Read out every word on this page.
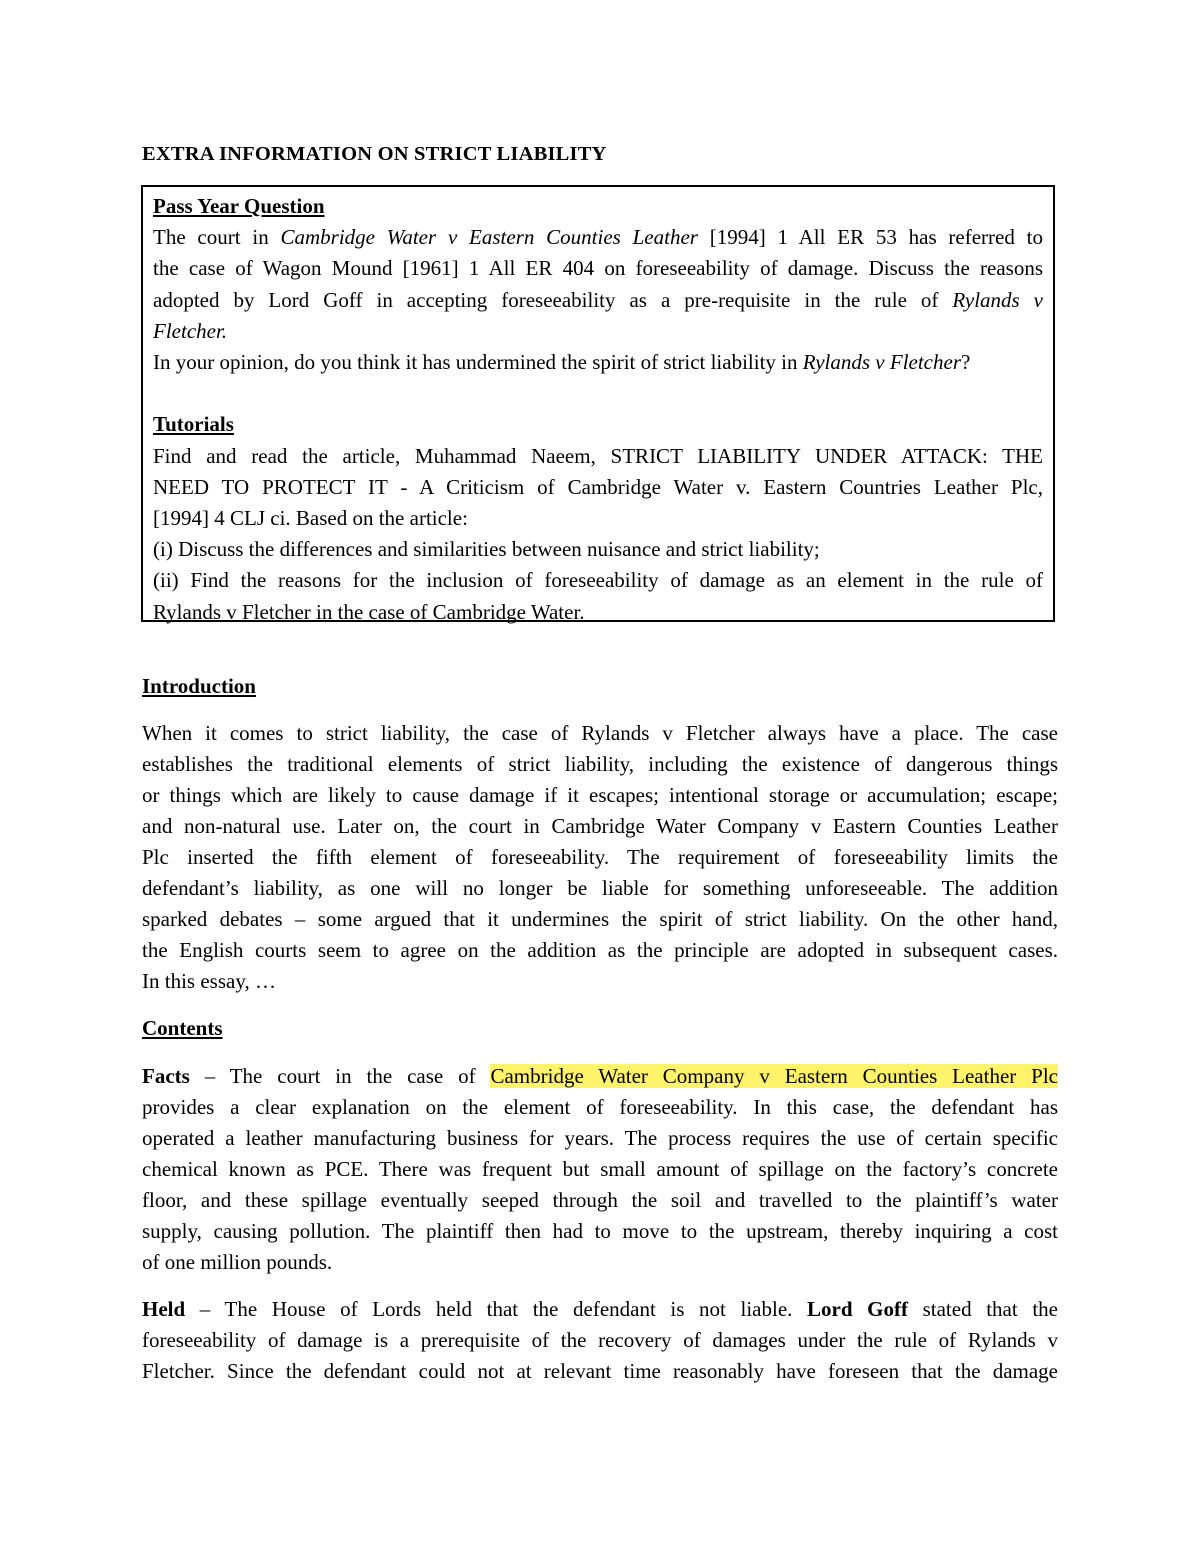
EXTRA INFORMATION ON STRICT LIABILITY

Pass Year Question

The court in Cambridge Water v Eastern Counties Leather [1994] 1 All ER 53 has referred to

the case of Wagon Mound [1961] 1 All ER 404 on foreseeability of damage. Discuss the reasons

adopted by Lord Goff in accepting foreseeability as a pre-requisite in the rule of Rylands v

Fletcher.

In your opinion, do you think it has undermined the spirit of strict liability in Rylands v Fletcher?

Tutorials

Find and read the article, Muhammad Naeem, STRICT LIABILITY UNDER ATTACK: THE

NEED TO PROTECT IT - A Criticism of Cambridge Water v. Eastern Countries Leather Plc,

[1994] 4 CLJ ci. Based on the article:

(i) Discuss the differences and similarities between nuisance and strict liability;

(ii) Find the reasons for the inclusion of foreseeability of damage as an element in the rule of

Rylands v Fletcher in the case of Cambridge Water.

Introduction

When it comes to strict liability, the case of Rylands v Fletcher always have a place. The case

establishes the traditional elements of strict liability, including the existence of dangerous things

or things which are likely to cause damage if it escapes; intentional storage or accumulation; escape;

and non-natural use. Later on, the court in Cambridge Water Company v Eastern Counties Leather

Plc inserted the fifth element of foreseeability. The requirement of foreseeability limits the

defendant’s liability, as one will no longer be liable for something unforeseeable. The addition

sparked debates – some argued that it undermines the spirit of strict liability. On the other hand,

the English courts seem to agree on the addition as the principle are adopted in subsequent cases.

In this essay, …

Contents

Facts – The court in the case of Cambridge Water Company v Eastern Counties Leather Plc

provides a clear explanation on the element of foreseeability. In this case, the defendant has

operated a leather manufacturing business for years. The process requires the use of certain specific

chemical known as PCE. There was frequent but small amount of spillage on the factory’s concrete

floor, and these spillage eventually seeped through the soil and travelled to the plaintiff’s water

supply, causing pollution. The plaintiff then had to move to the upstream, thereby inquiring a cost

of one million pounds.

Held – The House of Lords held that the defendant is not liable. Lord Goff stated that the

foreseeability of damage is a prerequisite of the recovery of damages under the rule of Rylands v

Fletcher. Since the defendant could not at relevant time reasonably have foreseen that the damage
